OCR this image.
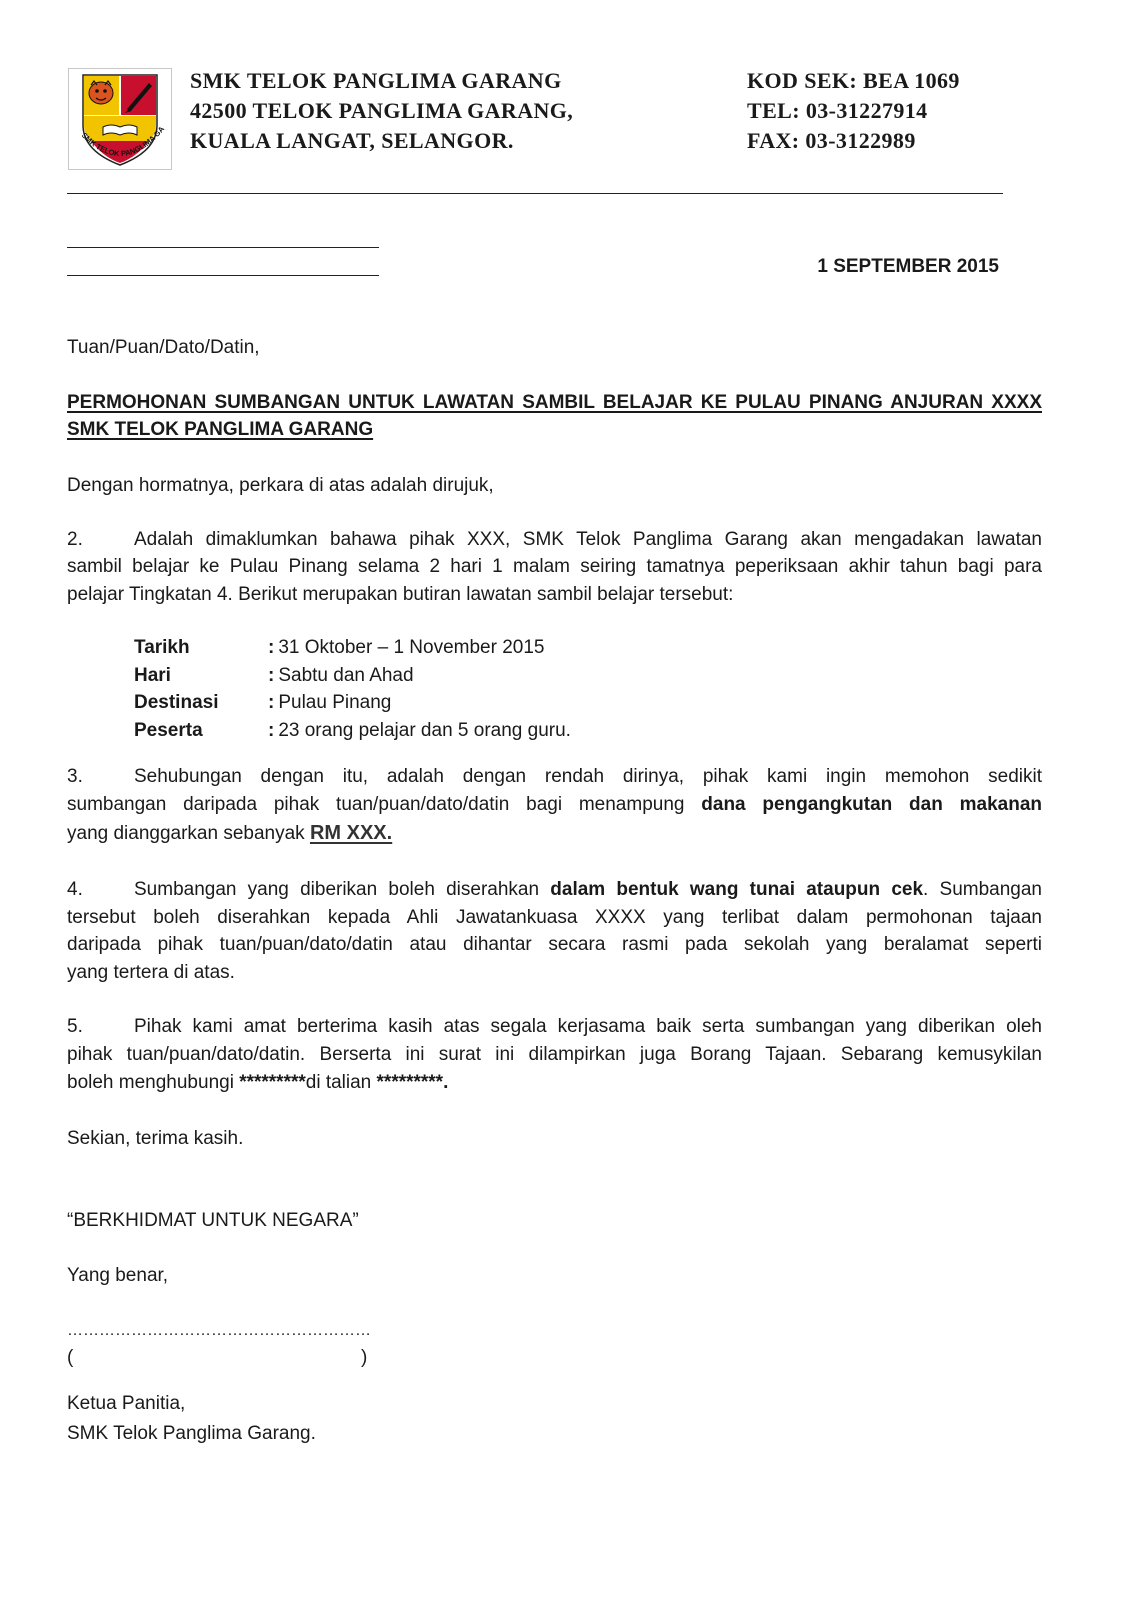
SMK TELOK PANGLIMA GA
SMK TELOK PANGLIMA GARANG
42500 TELOK PANGLIMA GARANG,
KUALA LANGAT, SELANGOR.
KOD SEK: BEA 1069
TEL: 03-31227914
FAX: 03-3122989
1 SEPTEMBER 2015
Tuan/Puan/Dato/Datin,
PERMOHONAN SUMBANGAN UNTUK LAWATAN SAMBIL BELAJAR KE PULAU PINANG ANJURAN XXXX
SMK TELOK PANGLIMA GARANG
Dengan hormatnya, perkara di atas adalah dirujuk,
2.	Adalah dimaklumkan bahawa pihak XXX, SMK Telok Panglima Garang akan mengadakan lawatan
sambil belajar ke Pulau Pinang selama 2 hari 1 malam seiring tamatnya peperiksaan akhir tahun bagi para
pelajar Tingkatan 4. Berikut merupakan butiran lawatan sambil belajar tersebut:
Tarikh	: 31 Oktober – 1 November 2015
Hari	: Sabtu dan Ahad
Destinasi	: Pulau Pinang
Peserta	: 23 orang pelajar dan 5 orang guru.
3.	Sehubungan dengan itu, adalah dengan rendah dirinya, pihak kami ingin memohon sedikit
sumbangan daripada pihak tuan/puan/dato/datin bagi menampung dana pengangkutan dan makanan
yang dianggarkan sebanyak RM XXX.
4.	Sumbangan yang diberikan boleh diserahkan dalam bentuk wang tunai ataupun cek. Sumbangan
tersebut boleh diserahkan kepada Ahli Jawatankuasa XXXX yang terlibat dalam permohonan tajaan
daripada pihak tuan/puan/dato/datin atau dihantar secara rasmi pada sekolah yang beralamat seperti
yang tertera di atas.
5.	Pihak kami amat berterima kasih atas segala kerjasama baik serta sumbangan yang diberikan oleh
pihak tuan/puan/dato/datin. Berserta ini surat ini dilampirkan juga Borang Tajaan. Sebarang kemusykilan
boleh menghubungi *********di talian *********.
Sekian, terima kasih.
“BERKHIDMAT UNTUK NEGARA”
Yang benar,
…………………………………………………
(	)
Ketua Panitia,
SMK Telok Panglima Garang.
